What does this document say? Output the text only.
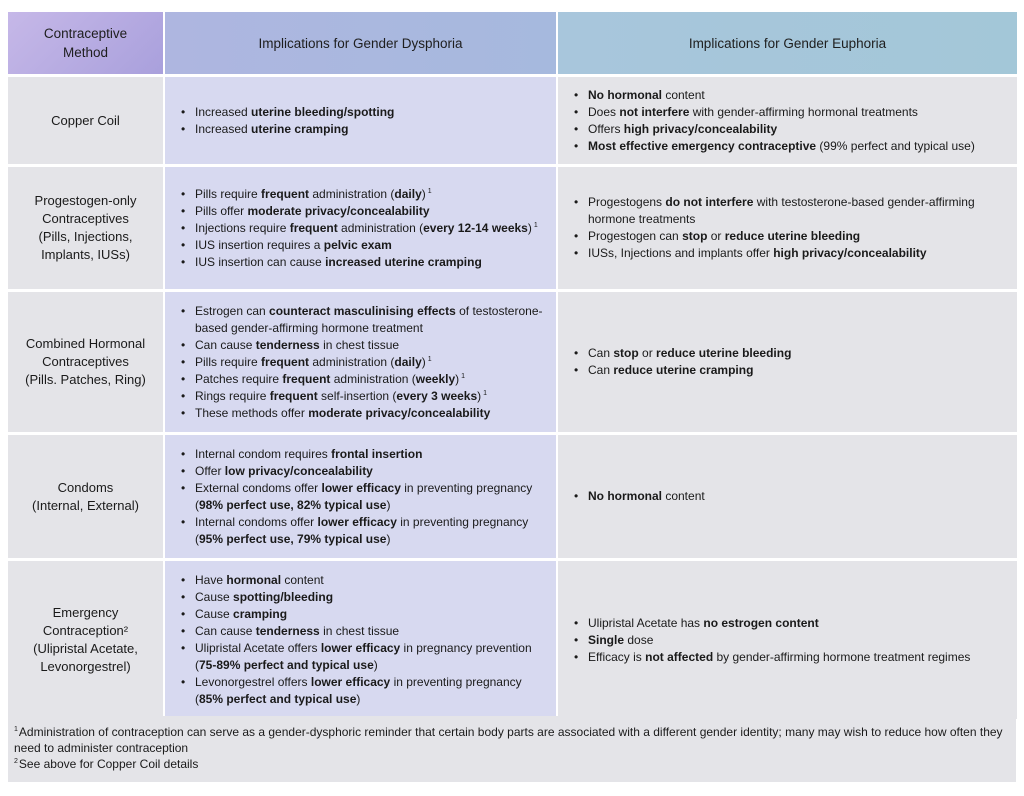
Contraceptive
Method
Implications for Gender Dysphoria	Implications for Gender Euphoria
Copper Coil
• Increased uterine bleeding/spotting
• Increased uterine cramping
• No hormonal content
• Does not interfere with gender-affirming hormonal treatments
• Offers high privacy/concealability
• Most effective emergency contraceptive (99% perfect and typical use)
Progestogen-only
Contraceptives
(Pills, Injections,
Implants, IUSs)
• Pills require frequent administration (daily) $^1$
• Pills offer moderate privacy/concealability
• Injections require frequent administration (every 12-14 weeks) $^1$
• IUS insertion requires a pelvic exam
• IUS insertion can cause increased uterine cramping
• Progestogens do not interfere with testosterone-based gender-affirming hormone treatments
• Progestogen can stop or reduce uterine bleeding
• IUSs, Injections and implants offer high privacy/concealability
Combined Hormonal
Contraceptives
(Pills. Patches, Ring)
• Estrogen can counteract masculinising effects of testosterone-based gender-affirming hormone treatment
• Can cause tenderness in chest tissue
• Pills require frequent administration (daily) $^1$
• Patches require frequent administration (weekly) $^1$
• Rings require frequent self-insertion (every 3 weeks) $^1$
• These methods offer moderate privacy/concealability
• Can stop or reduce uterine bleeding
• Can reduce uterine cramping
Condoms
(Internal, External)
• Internal condom requires frontal insertion
• Offer low privacy/concealability
• External condoms offer lower efficacy in preventing pregnancy (98% perfect use, 82% typical use)
• Internal condoms offer lower efficacy in preventing pregnancy (95% perfect use, 79% typical use)
• No hormonal content
Emergency
Contraception²
(Ulipristal Acetate,
Levonorgestrel)
• Have hormonal content
• Cause spotting/bleeding
• Cause cramping
• Can cause tenderness in chest tissue
• Ulipristal Acetate offers lower efficacy in pregnancy prevention (75-89% perfect and typical use)
• Levonorgestrel offers lower efficacy in preventing pregnancy (85% perfect and typical use)
• Ulipristal Acetate has no estrogen content
• Single dose
• Efficacy is not affected by gender-affirming hormone treatment regimes

$^1$Administration of contraception can serve as a gender-dysphoric reminder that certain body parts are associated with a different gender identity; many may wish to reduce how often they need to administer contraception

$^2$See above for Copper Coil details
